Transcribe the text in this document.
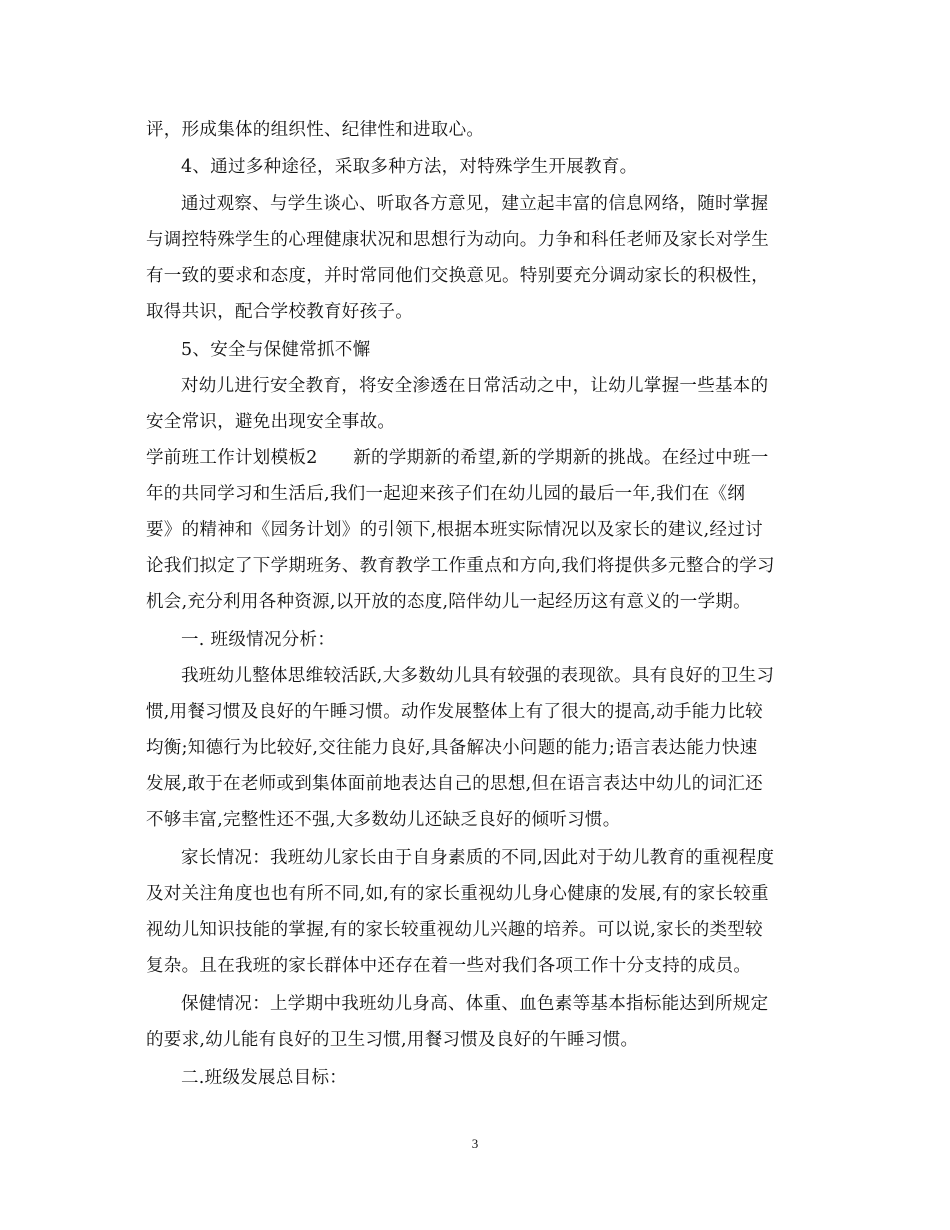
评，形成集体的组织性、纪律性和进取心。
4、通过多种途径，采取多种方法，对特殊学生开展教育。
通过观察、与学生谈心、听取各方意见，建立起丰富的信息网络，随时掌握
与调控特殊学生的心理健康状况和思想行为动向。力争和科任老师及家长对学生
有一致的要求和态度，并时常同他们交换意见。特别要充分调动家长的积极性，
取得共识，配合学校教育好孩子。
5、安全与保健常抓不懈
对幼儿进行安全教育，将安全渗透在日常活动之中，让幼儿掌握一些基本的
安全常识，避免出现安全事故。
学前班工作计划模板2　　新的学期新的希望,新的学期新的挑战。在经过中班一
年的共同学习和生活后,我们一起迎来孩子们在幼儿园的最后一年,我们在《纲
要》的精神和《园务计划》的引领下,根据本班实际情况以及家长的建议,经过讨
论我们拟定了下学期班务、教育教学工作重点和方向,我们将提供多元整合的学习
机会,充分利用各种资源,以开放的态度,陪伴幼儿一起经历这有意义的一学期。
一. 班级情况分析：
我班幼儿整体思维较活跃,大多数幼儿具有较强的表现欲。具有良好的卫生习
惯,用餐习惯及良好的午睡习惯。动作发展整体上有了很大的提高,动手能力比较
均衡;知德行为比较好,交往能力良好,具备解决小问题的能力;语言表达能力快速
发展,敢于在老师或到集体面前地表达自己的思想,但在语言表达中幼儿的词汇还
不够丰富,完整性还不强,大多数幼儿还缺乏良好的倾听习惯。
家长情况：我班幼儿家长由于自身素质的不同,因此对于幼儿教育的重视程度
及对关注角度也也有所不同,如,有的家长重视幼儿身心健康的发展,有的家长较重
视幼儿知识技能的掌握,有的家长较重视幼儿兴趣的培养。可以说,家长的类型较
复杂。且在我班的家长群体中还存在着一些对我们各项工作十分支持的成员。
保健情况：上学期中我班幼儿身高、体重、血色素等基本指标能达到所规定
的要求,幼儿能有良好的卫生习惯,用餐习惯及良好的午睡习惯。
二.班级发展总目标：
3
